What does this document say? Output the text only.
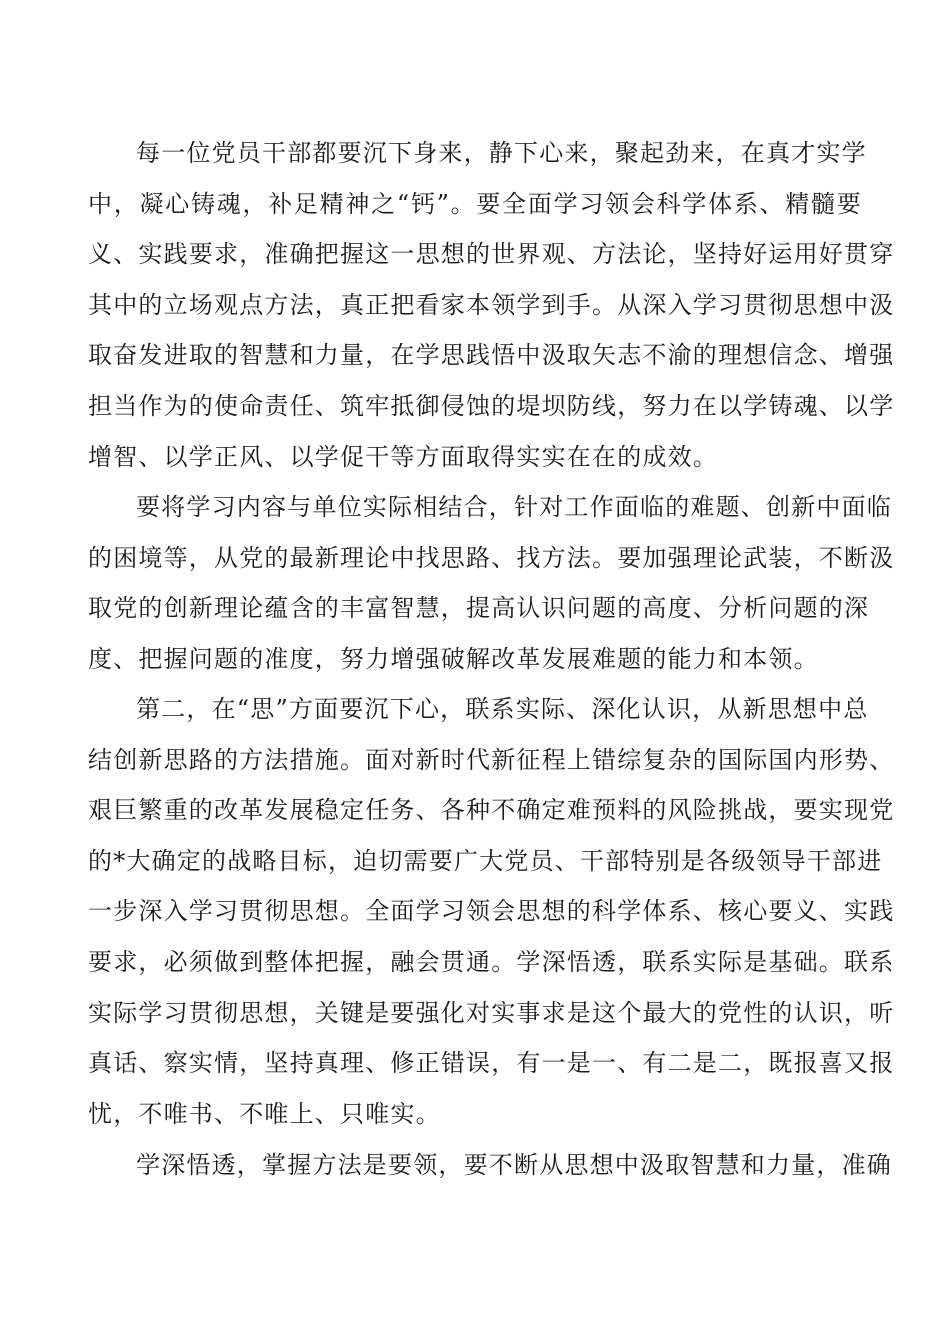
每一位党员干部都要沉下身来，静下心来，聚起劲来，在真才实学
中，凝心铸魂，补足精神之“钙”。要全面学习领会科学体系、精髓要
义、实践要求，准确把握这一思想的世界观、方法论，坚持好运用好贯穿
其中的立场观点方法，真正把看家本领学到手。从深入学习贯彻思想中汲
取奋发进取的智慧和力量，在学思践悟中汲取矢志不渝的理想信念、增强
担当作为的使命责任、筑牢抵御侵蚀的堤坝防线，努力在以学铸魂、以学
增智、以学正风、以学促干等方面取得实实在在的成效。
要将学习内容与单位实际相结合，针对工作面临的难题、创新中面临
的困境等，从党的最新理论中找思路、找方法。要加强理论武装，不断汲
取党的创新理论蕴含的丰富智慧，提高认识问题的高度、分析问题的深
度、把握问题的准度，努力增强破解改革发展难题的能力和本领。
第二，在“思”方面要沉下心，联系实际、深化认识，从新思想中总
结创新思路的方法措施。面对新时代新征程上错综复杂的国际国内形势、
艰巨繁重的改革发展稳定任务、各种不确定难预料的风险挑战，要实现党
的*大确定的战略目标，迫切需要广大党员、干部特别是各级领导干部进
一步深入学习贯彻思想。全面学习领会思想的科学体系、核心要义、实践
要求，必须做到整体把握，融会贯通。学深悟透，联系实际是基础。联系
实际学习贯彻思想，关键是要强化对实事求是这个最大的党性的认识，听
真话、察实情，坚持真理、修正错误，有一是一、有二是二，既报喜又报
忧，不唯书、不唯上、只唯实。
学深悟透，掌握方法是要领，要不断从思想中汲取智慧和力量，准确
